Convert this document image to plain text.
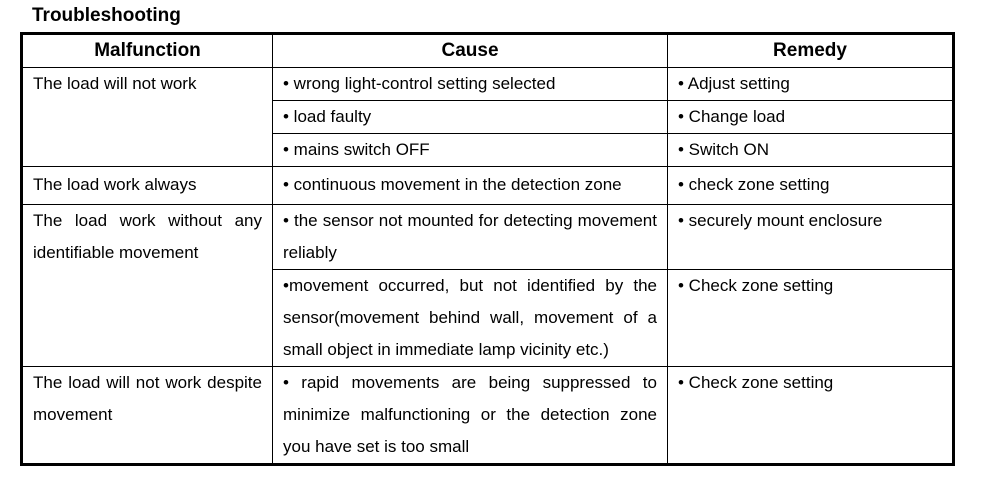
Troubleshooting
Malfunction	Cause	Remedy
The load will not work	• wrong light-control setting selected	• Adjust setting
	• load faulty	• Change load
	• mains switch OFF	• Switch ON
The load work always	• continuous movement in the detection zone	• check zone setting
The load work without any identifiable movement	• the sensor not mounted for detecting movement reliably	• securely mount enclosure
	•movement occurred, but not identified by the sensor(movement behind wall, movement of a small object in immediate lamp vicinity etc.)	• Check zone setting
The load will not work despite movement	• rapid movements are being suppressed to minimize malfunctioning or the detection zone you have set is too small	• Check zone setting
